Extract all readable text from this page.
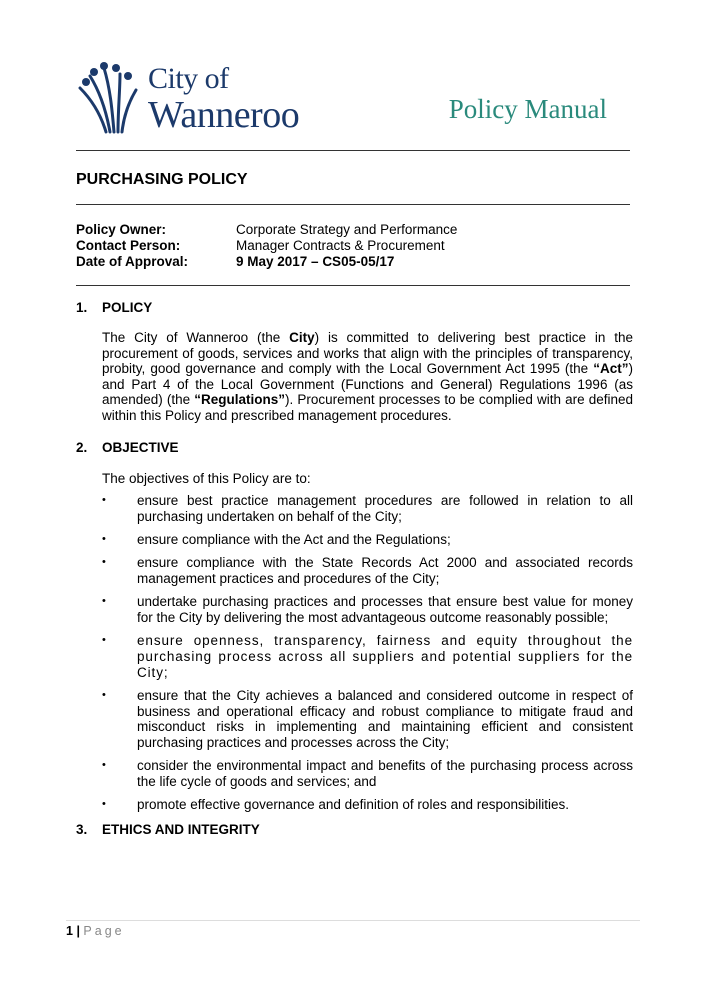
City of
Wanneroo	Policy Manual
PURCHASING POLICY
Policy Owner:	Corporate Strategy and Performance
Contact Person:	Manager Contracts & Procurement
Date of Approval:	9 May 2017 – CS05-05/17
1. POLICY
The City of Wanneroo (the City) is committed to delivering best practice in the procurement of goods, services and works that align with the principles of transparency, probity, good governance and comply with the Local Government Act 1995 (the “Act”) and Part 4 of the Local Government (Functions and General) Regulations 1996 (as amended) (the “Regulations”). Procurement processes to be complied with are defined within this Policy and prescribed management procedures.
2. OBJECTIVE
The objectives of this Policy are to:
• ensure best practice management procedures are followed in relation to all purchasing undertaken on behalf of the City;
• ensure compliance with the Act and the Regulations;
• ensure compliance with the State Records Act 2000 and associated records management practices and procedures of the City;
• undertake purchasing practices and processes that ensure best value for money for the City by delivering the most advantageous outcome reasonably possible;
• ensure openness, transparency, fairness and equity throughout the purchasing process across all suppliers and potential suppliers for the City;
• ensure that the City achieves a balanced and considered outcome in respect of business and operational efficacy and robust compliance to mitigate fraud and misconduct risks in implementing and maintaining efficient and consistent purchasing practices and processes across the City;
• consider the environmental impact and benefits of the purchasing process across the life cycle of goods and services; and
• promote effective governance and definition of roles and responsibilities.
3. ETHICS AND INTEGRITY
1 | Page
